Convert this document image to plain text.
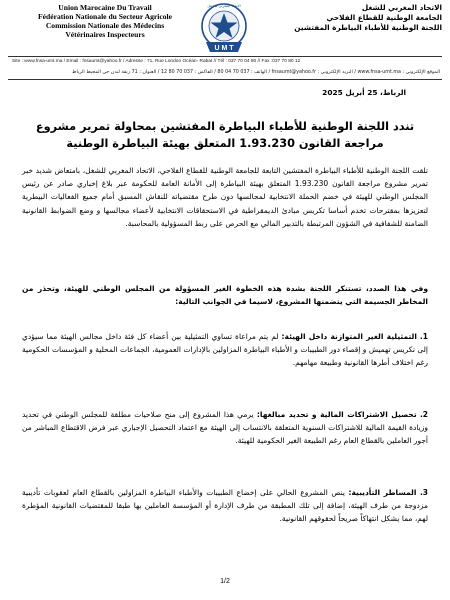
Union Marocaine Du Travail
Fédération Nationale du Secteur Agricole
Commission Nationale des Médecins
Vétérinaires Inspecteurs
U M T
الاتحاد المغربي للشغل	الاتحاد المغربي للشغل
الجامعة الوطنية للقطاع الفلاحي
اللجنة الوطنية للأطباء البياطرة المفتشين
Site : www.fnsa-umt.ma / Email : fnsaumt@yahoo.fr / Adresse : 71, Rue London Océan- Rabat // Tél : 037 70 04 80 // Fax :037 70 80 12
الموقع الإلكتروني : www.fnsa-umt.ma / البريد الإلكتروني : fnsaumt@yahoo.fr / الهاتف : 037 70 04 80 / الفاكس : 037 70 80 12 / العنوان : 71 زنقة لندن حي المحيط الرباط
الرباط، 25 أبريل 2025
تندد اللجنة الوطنية للأطباء البياطرة المفتشين بمحاولة تمرير مشروع
مراجعة القانون 1.93.230 المتعلق بهيئة البياطرة الوطنية
تلقت اللجنة الوطنية للأطباء البياطرة المفتشين التابعة للجامعة الوطنية للقطاع الفلاحي، الاتحاد المغربي للشغل، بامتعاض شديد خبر تمرير مشروع مراجعة القانون 1.93.230 المتعلق بهيئة البياطرة إلى الأمانة العامة للحكومة عبر بلاغ إخباري صادر عن رئيس المجلس الوطني للهيئة في خضم الحملة الانتخابية لمجالسها دون طرح مقتضياته للنقاش المسبق أمام جميع الفعاليات البيطرية لتعزيزها بمقترحات تخدم أساسا تكريس مبادئ الديمقراطية في الاستحقاقات الانتخابية لأعضاء مجالسها و وضع الضوابط القانونية الضامنة للشفافية في الشؤون المرتبطة بالتدبير المالي مع الحرص على ربط المسؤولية بالمحاسبة.
وفي هذا الصدد، تستنكر اللجنة بشدة هذه الخطوة الغير المسؤولة من المجلس الوطني للهيئة، وتحذر من المخاطر الجسيمة التي يتضمنها المشروع، لاسيما في الجوانب التالية:
1. التمثيلية الغير المتوازنة داخل الهيئة: لم يتم مراعاة تساوي التمثيلية بين أعضاء كل فئة داخل مجالس الهيئة مما سيؤدي إلى تكريس تهميش و إقصاء دور الطبيبات و الأطباء البياطرة المزاولين بالإدارات العمومية، الجماعات المحلية و المؤسسات الحكومية رغم اختلاف أطرها القانونية وطبيعة مهامهم.
2. تحصيل الاشتراكات المالية و تحديد مبالغها: يرمي هذا المشروع إلى منح صلاحيات مطلقة للمجلس الوطني في تحديد وزيادة القيمة المالية للاشتراكات السنوية المتعلقة بالانتساب إلى الهيئة مع اعتماد التحصيل الإجباري عبر فرض الاقتطاع المباشر من أجور العاملين بالقطاع العام رغم الطبيعة الغير الحكومية للهيئة.
3. المساطر التأديبية: ينص المشروع الحالي على إخضاع الطبيبات والأطباء البياطرة المزاولين بالقطاع العام لعقوبات تأديبية مزدوجة من طرف الهيئة، إضافة إلى تلك المطبقة من طرف الإدارة أو المؤسسة العاملين بها طبقا للمقتضيات القانونية المؤطرة لهم، مما يشكل انتهاكاً صريحاً لحقوقهم القانونية.
1/2
